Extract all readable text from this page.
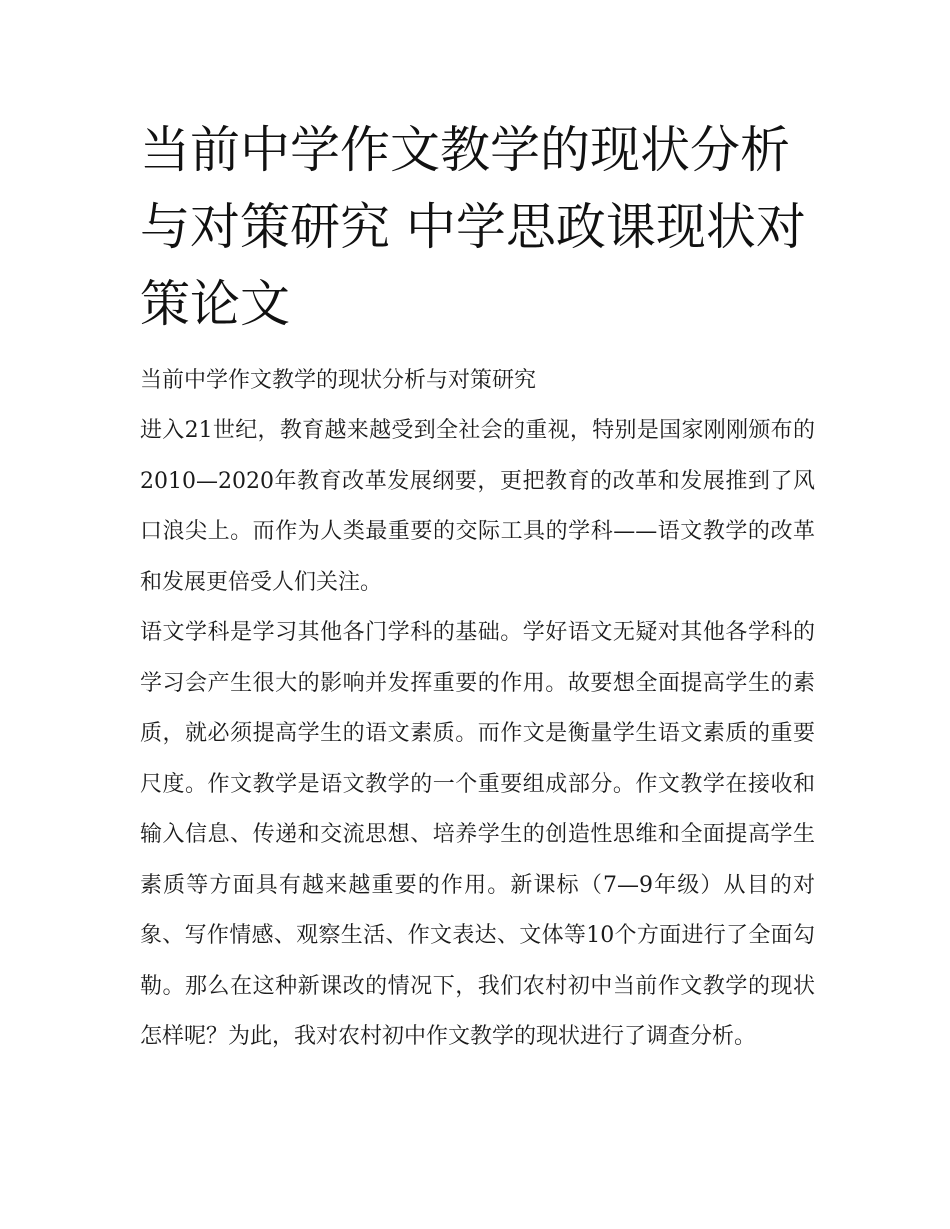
当前中学作文教学的现状分析与对策研究 中学思政课现状对策论文

当前中学作文教学的现状分析与对策研究

进入21世纪，教育越来越受到全社会的重视，特别是国家刚刚颁布的2010—2020年教育改革发展纲要，更把教育的改革和发展推到了风口浪尖上。而作为人类最重要的交际工具的学科——语文教学的改革和发展更倍受人们关注。

语文学科是学习其他各门学科的基础。学好语文无疑对其他各学科的学习会产生很大的影响并发挥重要的作用。故要想全面提高学生的素质，就必须提高学生的语文素质。而作文是衡量学生语文素质的重要尺度。作文教学是语文教学的一个重要组成部分。作文教学在接收和输入信息、传递和交流思想、培养学生的创造性思维和全面提高学生素质等方面具有越来越重要的作用。新课标（7—9年级）从目的对象、写作情感、观察生活、作文表达、文体等10个方面进行了全面勾勒。那么在这种新课改的情况下，我们农村初中当前作文教学的现状怎样呢？为此，我对农村初中作文教学的现状进行了调查分析。
